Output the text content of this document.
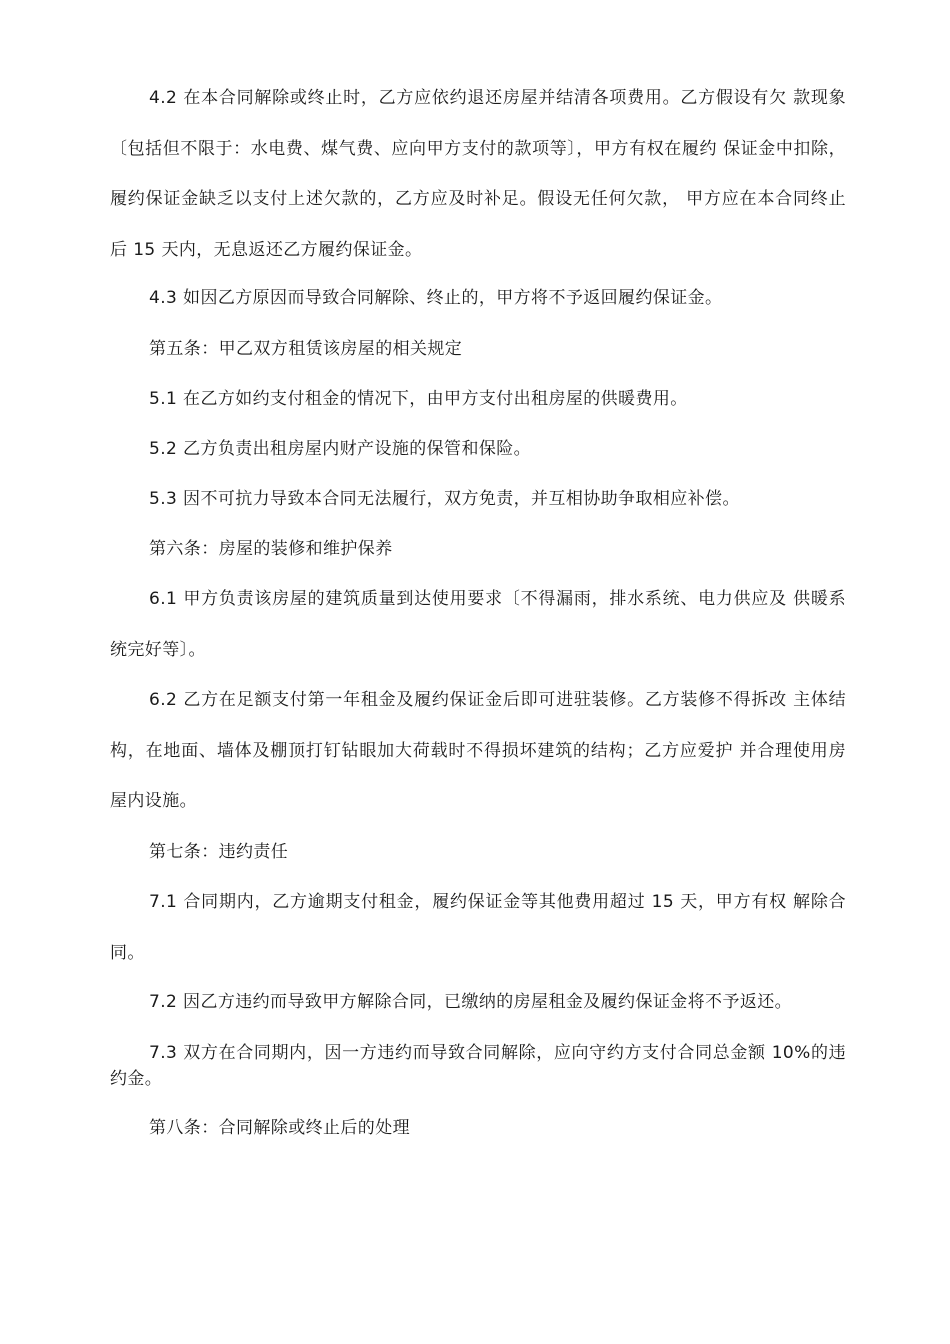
4.2 在本合同解除或终止时，乙方应依约退还房屋并结清各项费用。乙方假设有欠 款现象〔包括但不限于：水电费、煤气费、应向甲方支付的款项等〕，甲方有权在履约 保证金中扣除，履约保证金缺乏以支付上述欠款的，乙方应及时补足。假设无任何欠款， 甲方应在本合同终止后 15 天内，无息返还乙方履约保证金。

4.3 如因乙方原因而导致合同解除、终止的，甲方将不予返回履约保证金。

第五条：甲乙双方租赁该房屋的相关规定

5.1 在乙方如约支付租金的情况下，由甲方支付出租房屋的供暖费用。

5.2 乙方负责出租房屋内财产设施的保管和保险。

5.3 因不可抗力导致本合同无法履行，双方免责，并互相协助争取相应补偿。

第六条：房屋的装修和维护保养

6.1 甲方负责该房屋的建筑质量到达使用要求〔不得漏雨，排水系统、电力供应及 供暖系统完好等〕。

6.2 乙方在足额支付第一年租金及履约保证金后即可进驻装修。乙方装修不得拆改 主体结构，在地面、墙体及棚顶打钉钻眼加大荷载时不得损坏建筑的结构；乙方应爱护 并合理使用房屋内设施。

第七条：违约责任

7.1 合同期内，乙方逾期支付租金，履约保证金等其他费用超过 15 天，甲方有权 解除合同。

7.2 因乙方违约而导致甲方解除合同，已缴纳的房屋租金及履约保证金将不予返还。

7.3 双方在合同期内，因一方违约而导致合同解除，应向守约方支付合同总金额 10%的违约金。

第八条：合同解除或终止后的处理
